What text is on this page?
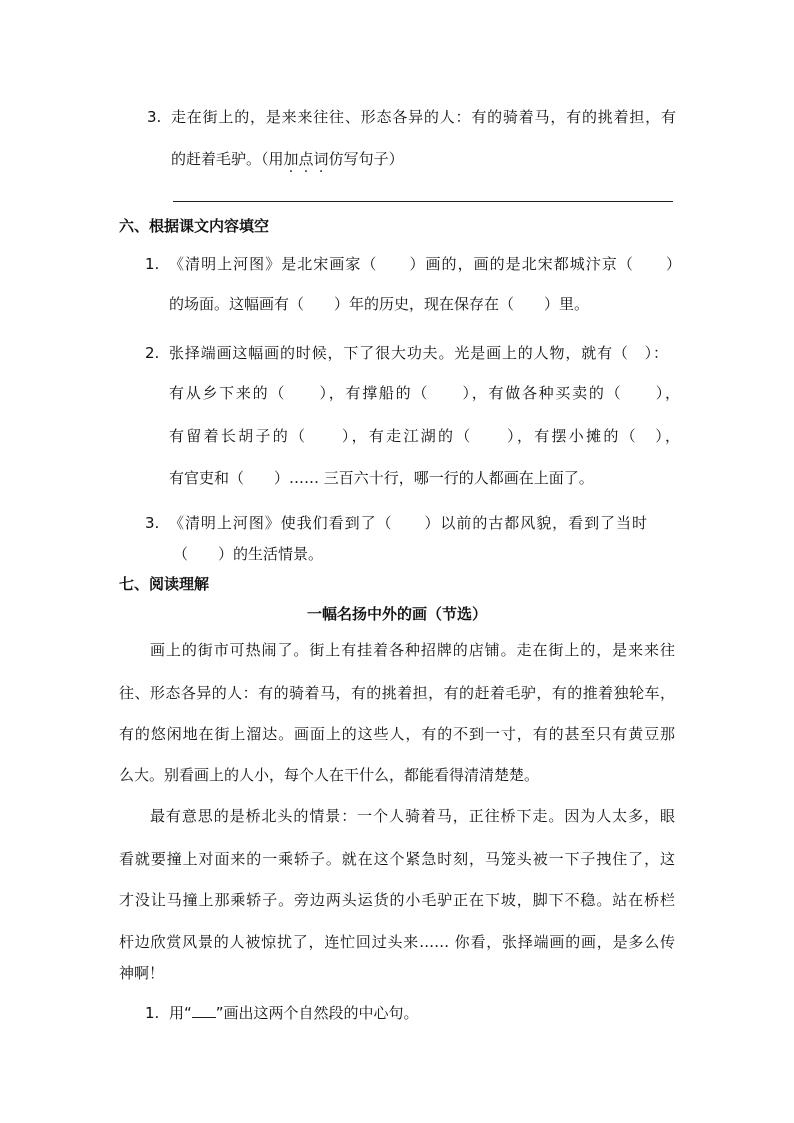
3. 走在街上的，是来来往往、形态各异的人：有的骑着马，有的挑着担，有
的赶着毛驴。（用加点词仿写句子）
六、根据课文内容填空
1. 《清明上河图》是北宋画家（　　）画的，画的是北宋都城汴京（　　）
的场面。这幅画有（　　）年的历史，现在保存在（　　）里。
2. 张择端画这幅画的时候，下了很大功夫。光是画上的人物，就有（　）：
有从乡下来的（　　），有撑船的（　　），有做各种买卖的（　　），
有留着长胡子的（　　），有走江湖的（　　），有摆小摊的（　），
有官吏和（　　）…… 三百六十行，哪一行的人都画在上面了。
3. 《清明上河图》使我们看到了（　　）以前的古都风貌，看到了当时
（　　）的生活情景。
七、阅读理解
一幅名扬中外的画（节选）
画上的街市可热闹了。街上有挂着各种招牌的店铺。走在街上的，是来来往
往、形态各异的人：有的骑着马，有的挑着担，有的赶着毛驴，有的推着独轮车，
有的悠闲地在街上溜达。画面上的这些人，有的不到一寸，有的甚至只有黄豆那
么大。别看画上的人小，每个人在干什么，都能看得清清楚楚。
最有意思的是桥北头的情景：一个人骑着马，正往桥下走。因为人太多，眼
看就要撞上对面来的一乘轿子。就在这个紧急时刻，马笼头被一下子拽住了，这
才没让马撞上那乘轿子。旁边两头运货的小毛驴正在下坡，脚下不稳。站在桥栏
杆边欣赏风景的人被惊扰了，连忙回过头来…… 你看，张择端画的画，是多么传
神啊！
1. 用“ ”画出这两个自然段的中心句。
